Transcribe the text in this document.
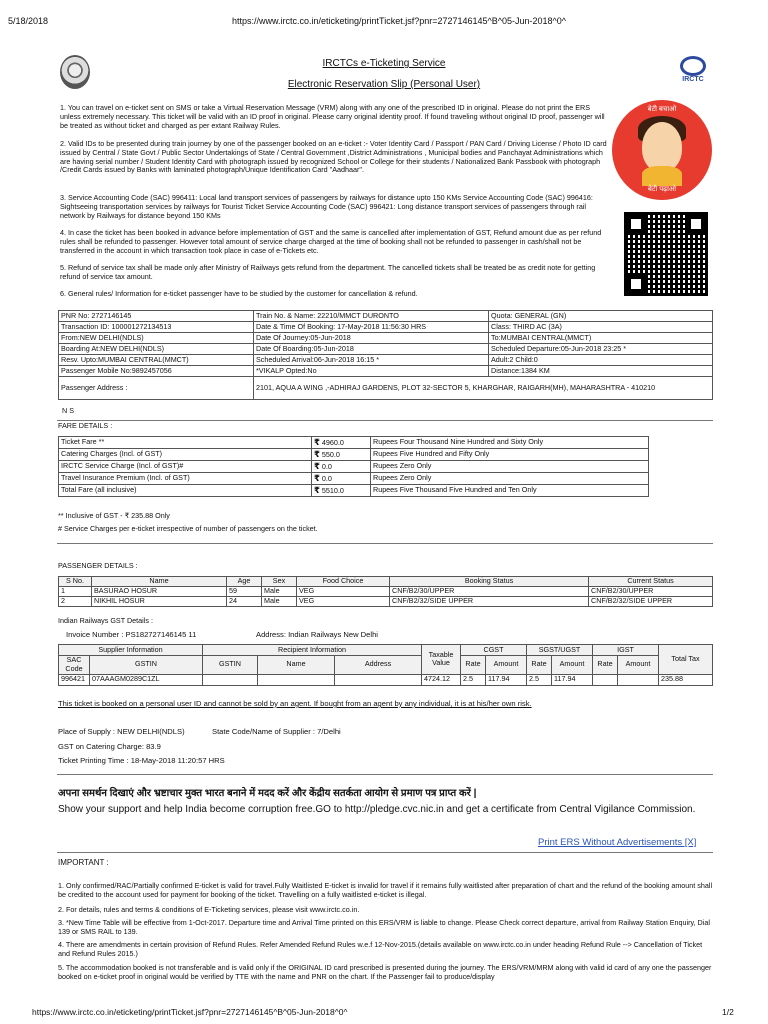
5/18/2018	https://www.irctc.co.in/eticketing/printTicket.jsf?pnr=2727146145^B^05-Jun-2018^0^
IRCTCs e-Ticketing Service
Electronic Reservation Slip (Personal User)	IRCTC
बेटी बचाओ
बेटी पढ़ाओ
1. You can travel on e-ticket sent on SMS or take a Virtual Reservation Message (VRM) along with any one of the prescribed ID in original. Please do not print the ERS unless extremely necessary. This ticket will be valid with an ID proof in original. Please carry original identity proof. If found traveling without original ID proof, passenger will be treated as without ticket and charged as per extant Railway Rules.
2. Valid IDs to be presented during train journey by one of the passenger booked on an e-ticket :- Voter Identity Card / Passport / PAN Card / Driving License / Photo ID card issued by Central / State Govt / Public Sector Undertakings of State / Central Government ,District Administrations , Municipal bodies and Panchayat Administrations which are having serial number / Student Identity Card with photograph issued by recognized School or College for their students / Nationalized Bank Passbook with photograph /Credit Cards issued by Banks with laminated photograph/Unique Identification Card "Aadhaar".
3. Service Accounting Code (SAC) 996411: Local land transport services of passengers by railways for distance upto 150 KMs Service Accounting Code (SAC) 996416: Sightseeing transportation services by railways for Tourist Ticket Service Accounting Code (SAC) 996421: Long distance transport services of passengers through rail network by Railways for distance beyond 150 KMs
4. In case the ticket has been booked in advance before implementation of GST and the same is cancelled after implementation of GST, Refund amount due as per refund rules shall be refunded to passenger. However total amount of service charge charged at the time of booking shall not be refunded to passenger in cash/shall not be transferred in the account in which transaction took place in case of e-Tickets etc.
5. Refund of service tax shall be made only after Ministry of Railways gets refund from the department. The cancelled tickets shall be treated be as credit note for getting refund of service tax amount.
6. General rules/ Information for e-ticket passenger have to be studied by the customer for cancellation & refund.
PNR No: 2727146145	Train No. & Name: 22210/MMCT DURONTO	Quota: GENERAL (GN)
Transaction ID: 100001272134513	Date & Time Of Booking: 17-May-2018 11:56:30 HRS	Class: THIRD AC (3A)
From:NEW DELHI(NDLS)	Date Of Journey:05-Jun-2018	To:MUMBAI CENTRAL(MMCT)
Boarding At:NEW DELHI(NDLS)	Date Of Boarding:05-Jun-2018	Scheduled Departure:05-Jun-2018 23:25 *
Resv. Upto:MUMBAI CENTRAL(MMCT)	Scheduled Arrival:06-Jun-2018 16:15 *	Adult:2 Child:0
Passenger Mobile No:9892457056	*VIKALP Opted:No	Distance:1384 KM
Passenger Address :	2101, AQUA A WING ,-ADHIRAJ GARDENS, PLOT 32-SECTOR 5, KHARGHAR, RAIGARH(MH), MAHARASHTRA - 410210	
N S
FARE DETAILS :
Ticket Fare **	₹ 4960.0	Rupees Four Thousand Nine Hundred and Sixty Only
Catering Charges (Incl. of GST)	₹ 550.0	Rupees Five Hundred and Fifty Only
IRCTC Service Charge (Incl. of GST)#	₹ 0.0	Rupees Zero Only
Travel Insurance Premium (Incl. of GST)	₹ 0.0	Rupees Zero Only
Total Fare (all inclusive)	₹ 5510.0	Rupees Five Thousand Five Hundred and Ten Only
** Inclusive of GST - ₹ 235.88 Only
# Service Charges per e-ticket irrespective of number of passengers on the ticket.
PASSENGER DETAILS :
S No.	Name	Age	Sex	Food Choice	Booking Status	Current Status
1	BASURAO HOSUR	59	Male	VEG	CNF/B2/30/UPPER	CNF/B2/30/UPPER
2	NIKHIL HOSUR	24	Male	VEG	CNF/B2/32/SIDE UPPER	CNF/B2/32/SIDE UPPER
Indian Railways GST Details :
Invoice Number : PS182727146145 11	Address: Indian Railways New Delhi
Supplier Information		Recipient Information			Taxable Value	CGST		SGST/UGST		IGST		Total Tax
SAC Code	GSTIN	GSTIN	Name	Address		Rate	Amount	Rate	Amount	Rate	Amount	
996421	07AAAGM0289C1ZL				4724.12	2.5	117.94	2.5	117.94			235.88
This ticket is booked on a personal user ID and cannot be sold by an agent. If bought from an agent by any individual, it is at his/her own risk.
Place of Supply : NEW DELHI(NDLS)	State Code/Name of Supplier : 7/Delhi
GST on Catering Charge: 83.9
Ticket Printing Time : 18-May-2018 11:20:57 HRS
अपना समर्थन दिखाएं और भ्रष्टाचार मुक्त भारत बनाने में मदद करें और केंद्रीय सतर्कता आयोग से प्रमाण पत्र प्राप्त करें |
Show your support and help India become corruption free.GO to http://pledge.cvc.nic.in and get a certificate from Central Vigilance Commission.
Print ERS Without Advertisements [X]
IMPORTANT :
1. Only confirmed/RAC/Partially confirmed E-ticket is valid for travel.Fully Waitlisted E-ticket is invalid for travel if it remains fully waitlisted after preparation of chart and the refund of the booking amount shall be credited to the account used for payment for booking of the ticket. Travelling on a fully waitlisted e-ticket is illegal.
2. For details, rules and terms & conditions of E-Ticketing services, please visit www.irctc.co.in.
3. *New Time Table will be effective from 1-Oct-2017. Departure time and Arrival Time printed on this ERS/VRM is liable to change. Please Check correct departure, arrival from Railway Station Enquiry, Dial 139 or SMS RAIL to 139.
4. There are amendments in certain provision of Refund Rules. Refer Amended Refund Rules w.e.f 12-Nov-2015.(details available on www.irctc.co.in under heading Refund Rule --> Cancellation of Ticket and Refund Rules 2015.)
5. The accommodation booked is not transferable and is valid only if the ORIGINAL ID card prescribed is presented during the journey. The ERS/VRM/MRM along with valid id card of any one the passenger booked on e-ticket proof in original would be verified by TTE with the name and PNR on the chart. If the Passenger fail to produce/display
https://www.irctc.co.in/eticketing/printTicket.jsf?pnr=2727146145^B^05-Jun-2018^0^	1/2
